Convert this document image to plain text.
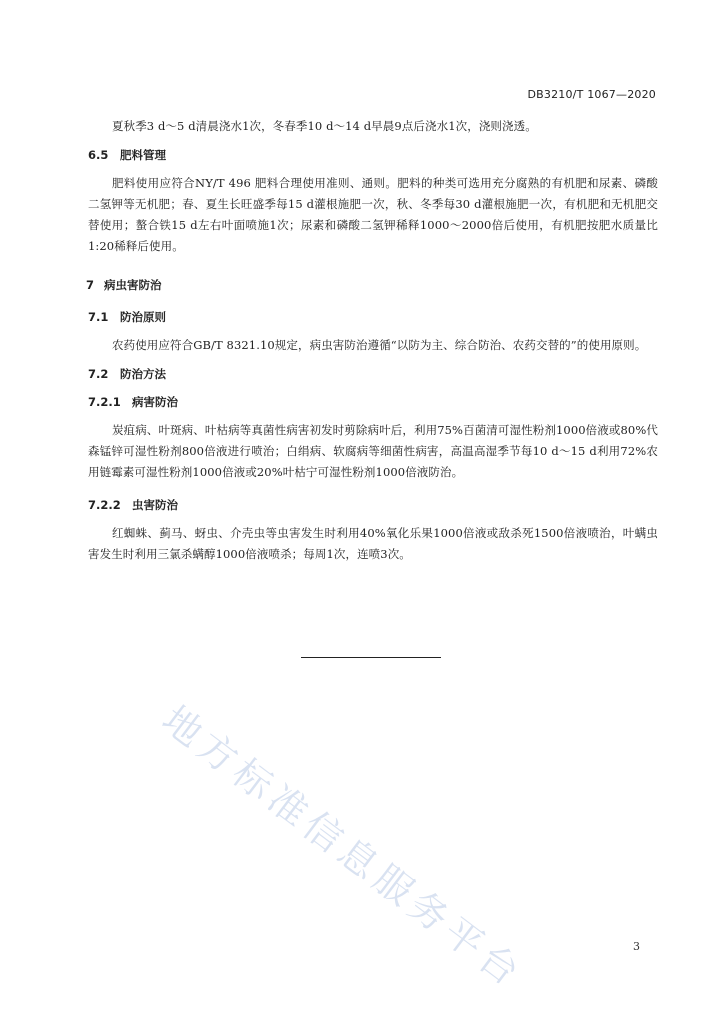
DB3210/T 1067—2020

夏秋季3 d～5 d清晨浇水1次，冬春季10 d～14 d早晨9点后浇水1次，浇则浇透。

6.5 肥料管理

肥料使用应符合NY/T 496 肥料合理使用准则、通则。肥料的种类可选用充分腐熟的有机肥和尿素、磷酸二氢钾等无机肥；春、夏生长旺盛季每15 d灌根施肥一次，秋、冬季每30 d灌根施肥一次，有机肥和无机肥交替使用；螯合铁15 d左右叶面喷施1次；尿素和磷酸二氢钾稀释1000～2000倍后使用，有机肥按肥水质量比1:20稀释后使用。

7 病虫害防治

7.1 防治原则

农药使用应符合GB/T 8321.10规定，病虫害防治遵循“以防为主、综合防治、农药交替的”的使用原则。

7.2 防治方法

7.2.1 病害防治

炭疽病、叶斑病、叶枯病等真菌性病害初发时剪除病叶后，利用75%百菌清可湿性粉剂1000倍液或80%代森锰锌可湿性粉剂800倍液进行喷治；白绢病、软腐病等细菌性病害，高温高湿季节每10 d～15 d利用72%农用链霉素可湿性粉剂1000倍液或20%叶枯宁可湿性粉剂1000倍液防治。

7.2.2 虫害防治

红蜘蛛、蓟马、蚜虫、介壳虫等虫害发生时利用40%氧化乐果1000倍液或敌杀死1500倍液喷治，叶螨虫害发生时利用三氯杀螨醇1000倍液喷杀；每周1次，连喷3次。

地方标准信息服务平台	3
